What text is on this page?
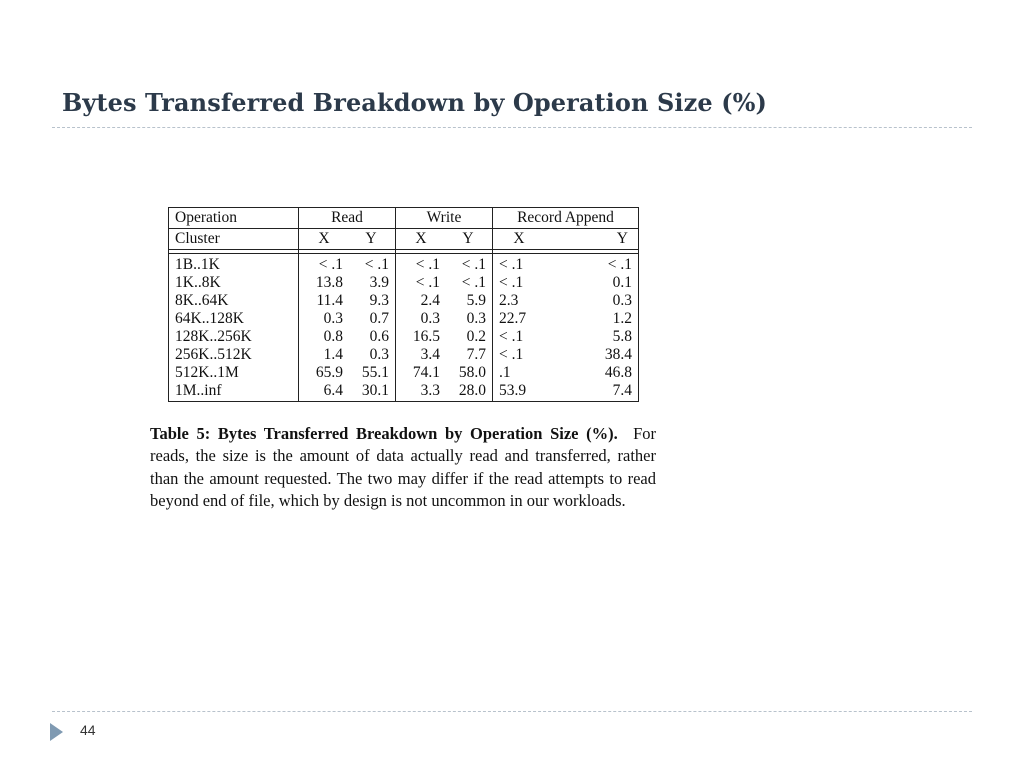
Bytes Transferred Breakdown by Operation Size (%)
Operation	Read	Write	Record Append
Cluster	X Y	X Y	X Y

1B..1K	< .1 < .1	< .1 < .1	< .1 < .1

1K..8K	13.8 3.9	< .1 < .1	< .1 0.1

8K..64K	11.4 9.3	2.4 5.9	2.3 0.3

64K..128K	0.3 0.7	0.3 0.3	22.7 1.2

128K..256K	0.8 0.6	16.5 0.2	< .1 5.8

256K..512K	1.4 0.3	3.4 7.7	< .1 38.4

512K..1M	65.9 55.1	74.1 58.0	.1 46.8

1M..inf	6.4 30.1	3.3 28.0	53.9 7.4

Table 5: Bytes Transferred Breakdown by Operation Size (%). For reads, the size is the amount of data actually read and transferred, rather than the amount requested. The two may differ if the read attempts to read beyond end of file, which by design is not uncommon in our workloads.

44
